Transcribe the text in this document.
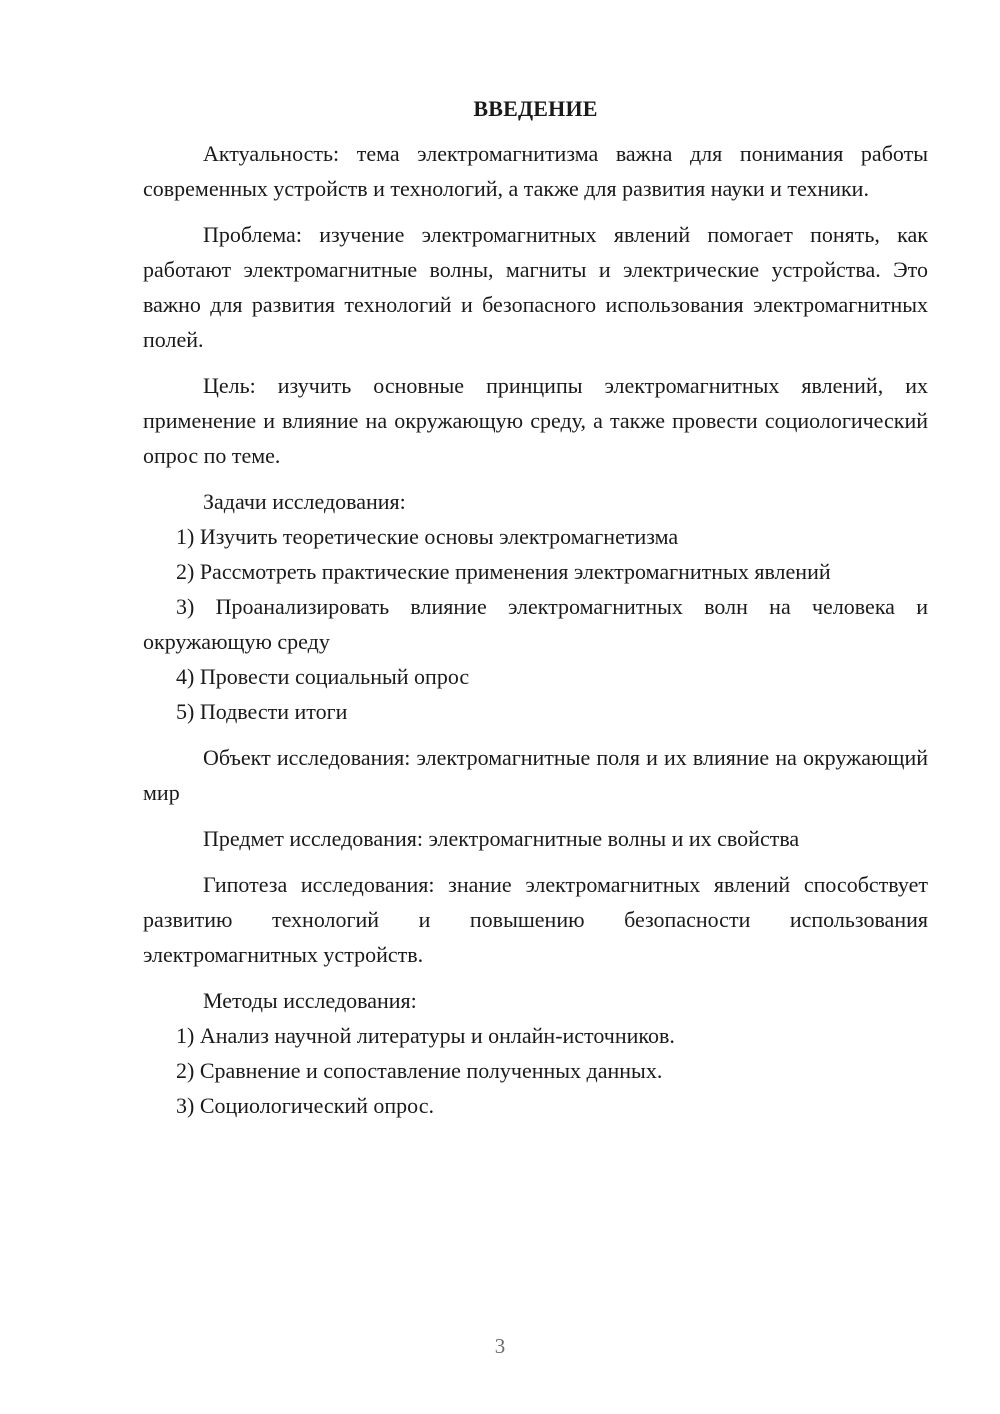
ВВЕДЕНИЕ

Актуальность: тема электромагнитизма важна для понимания работы современных устройств и технологий, а также для развития науки и техники.

Проблема: изучение электромагнитных явлений помогает понять, как работают электромагнитные волны, магниты и электрические устройства. Это важно для развития технологий и безопасного использования электромагнитных полей.

Цель: изучить основные принципы электромагнитных явлений, их применение и влияние на окружающую среду, а также провести социологический опрос по теме.

Задачи исследования:

1) Изучить теоретические основы электромагнетизма

2) Рассмотреть практические применения электромагнитных явлений

3) Проанализировать влияние электромагнитных волн на человека и окружающую среду

4) Провести социальный опрос

5) Подвести итоги

Объект исследования: электромагнитные поля и их влияние на окружающий мир

Предмет исследования: электромагнитные волны и их свойства

Гипотеза исследования: знание электромагнитных явлений способствует развитию технологий и повышению безопасности использования электромагнитных устройств.

Методы исследования:

1) Анализ научной литературы и онлайн-источников.

2) Сравнение и сопоставление полученных данных.

3) Социологический опрос.

3
